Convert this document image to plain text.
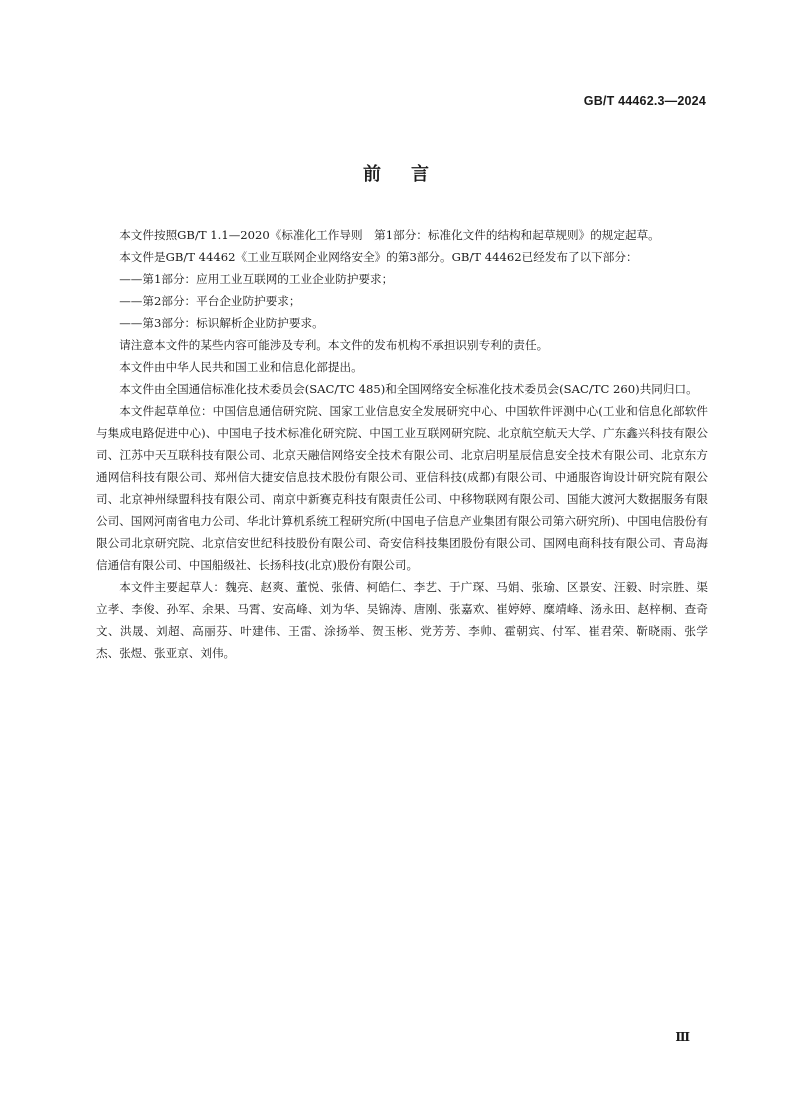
GB/T 44462.3—2024
前言

本文件按照GB/T 1.1—2020《标准化工作导则　第1部分：标准化文件的结构和起草规则》的规定起草。

本文件是GB/T 44462《工业互联网企业网络安全》的第3部分。GB/T 44462已经发布了以下部分：

——第1部分：应用工业互联网的工业企业防护要求；

——第2部分：平台企业防护要求；

——第3部分：标识解析企业防护要求。

请注意本文件的某些内容可能涉及专利。本文件的发布机构不承担识别专利的责任。

本文件由中华人民共和国工业和信息化部提出。

本文件由全国通信标准化技术委员会(SAC/TC 485)和全国网络安全标准化技术委员会(SAC/TC 260)共同归口。

本文件起草单位：中国信息通信研究院、国家工业信息安全发展研究中心、中国软件评测中心(工业和信息化部软件与集成电路促进中心)、中国电子技术标准化研究院、中国工业互联网研究院、北京航空航天大学、广东鑫兴科技有限公司、江苏中天互联科技有限公司、北京天融信网络安全技术有限公司、北京启明星辰信息安全技术有限公司、北京东方通网信科技有限公司、郑州信大捷安信息技术股份有限公司、亚信科技(成都)有限公司、中通服咨询设计研究院有限公司、北京神州绿盟科技有限公司、南京中新赛克科技有限责任公司、中移物联网有限公司、国能大渡河大数据服务有限公司、国网河南省电力公司、华北计算机系统工程研究所(中国电子信息产业集团有限公司第六研究所)、中国电信股份有限公司北京研究院、北京信安世纪科技股份有限公司、奇安信科技集团股份有限公司、国网电商科技有限公司、青岛海信通信有限公司、中国船级社、长扬科技(北京)股份有限公司。

本文件主要起草人：魏亮、赵爽、董悦、张倩、柯皓仁、李艺、于广琛、马娟、张瑜、区景安、汪毅、时宗胜、渠立孝、李俊、孙军、余果、马霄、安高峰、刘为华、吴锦涛、唐刚、张嘉欢、崔婷婷、糜靖峰、汤永田、赵梓桐、查奇文、洪晟、刘超、高丽芬、叶建伟、王雷、涂扬举、贺玉彬、党芳芳、李帅、霍朝宾、付军、崔君荣、靳晓雨、张学杰、张煜、张亚京、刘伟。

Ⅲ
